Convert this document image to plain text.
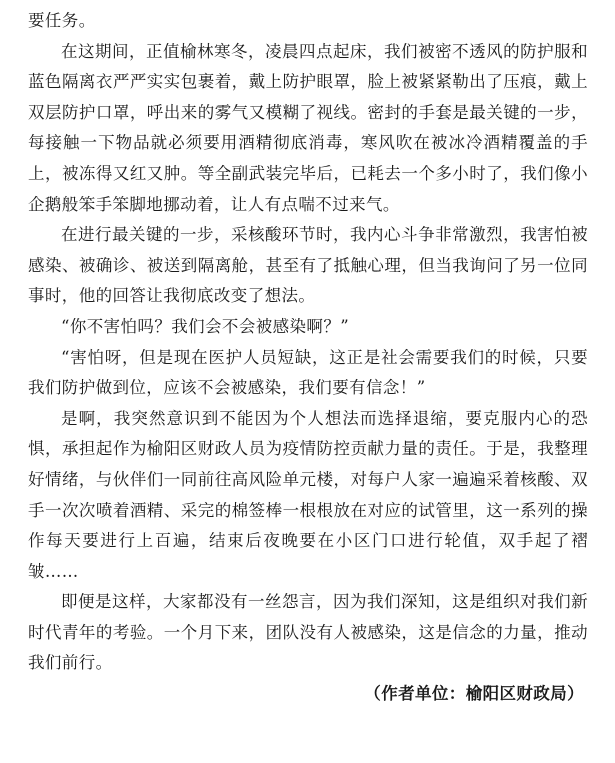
要任务。

在这期间，正值榆林寒冬，凌晨四点起床，我们被密不透风的防护服和蓝色隔离衣严严实实包裹着，戴上防护眼罩，脸上被紧紧勒出了压痕，戴上双层防护口罩，呼出来的雾气又模糊了视线。密封的手套是最关键的一步，每接触一下物品就必须要用酒精彻底消毒，寒风吹在被冰冷酒精覆盖的手上，被冻得又红又肿。等全副武装完毕后，已耗去一个多小时了，我们像小企鹅般笨手笨脚地挪动着，让人有点喘不过来气。

在进行最关键的一步，采核酸环节时，我内心斗争非常激烈，我害怕被感染、被确诊、被送到隔离舱，甚至有了抵触心理，但当我询问了另一位同事时，他的回答让我彻底改变了想法。

“你不害怕吗？我们会不会被感染啊？”

“害怕呀，但是现在医护人员短缺，这正是社会需要我们的时候，只要我们防护做到位，应该不会被感染，我们要有信念！”

是啊，我突然意识到不能因为个人想法而选择退缩，要克服内心的恐惧，承担起作为榆阳区财政人员为疫情防控贡献力量的责任。于是，我整理好情绪，与伙伴们一同前往高风险单元楼，对每户人家一遍遍采着核酸、双手一次次喷着酒精、采完的棉签棒一根根放在对应的试管里，这一系列的操作每天要进行上百遍，结束后夜晚要在小区门口进行轮值，双手起了褶皱……

即便是这样，大家都没有一丝怨言，因为我们深知，这是组织对我们新时代青年的考验。一个月下来，团队没有人被感染，这是信念的力量，推动我们前行。

（作者单位：榆阳区财政局）
